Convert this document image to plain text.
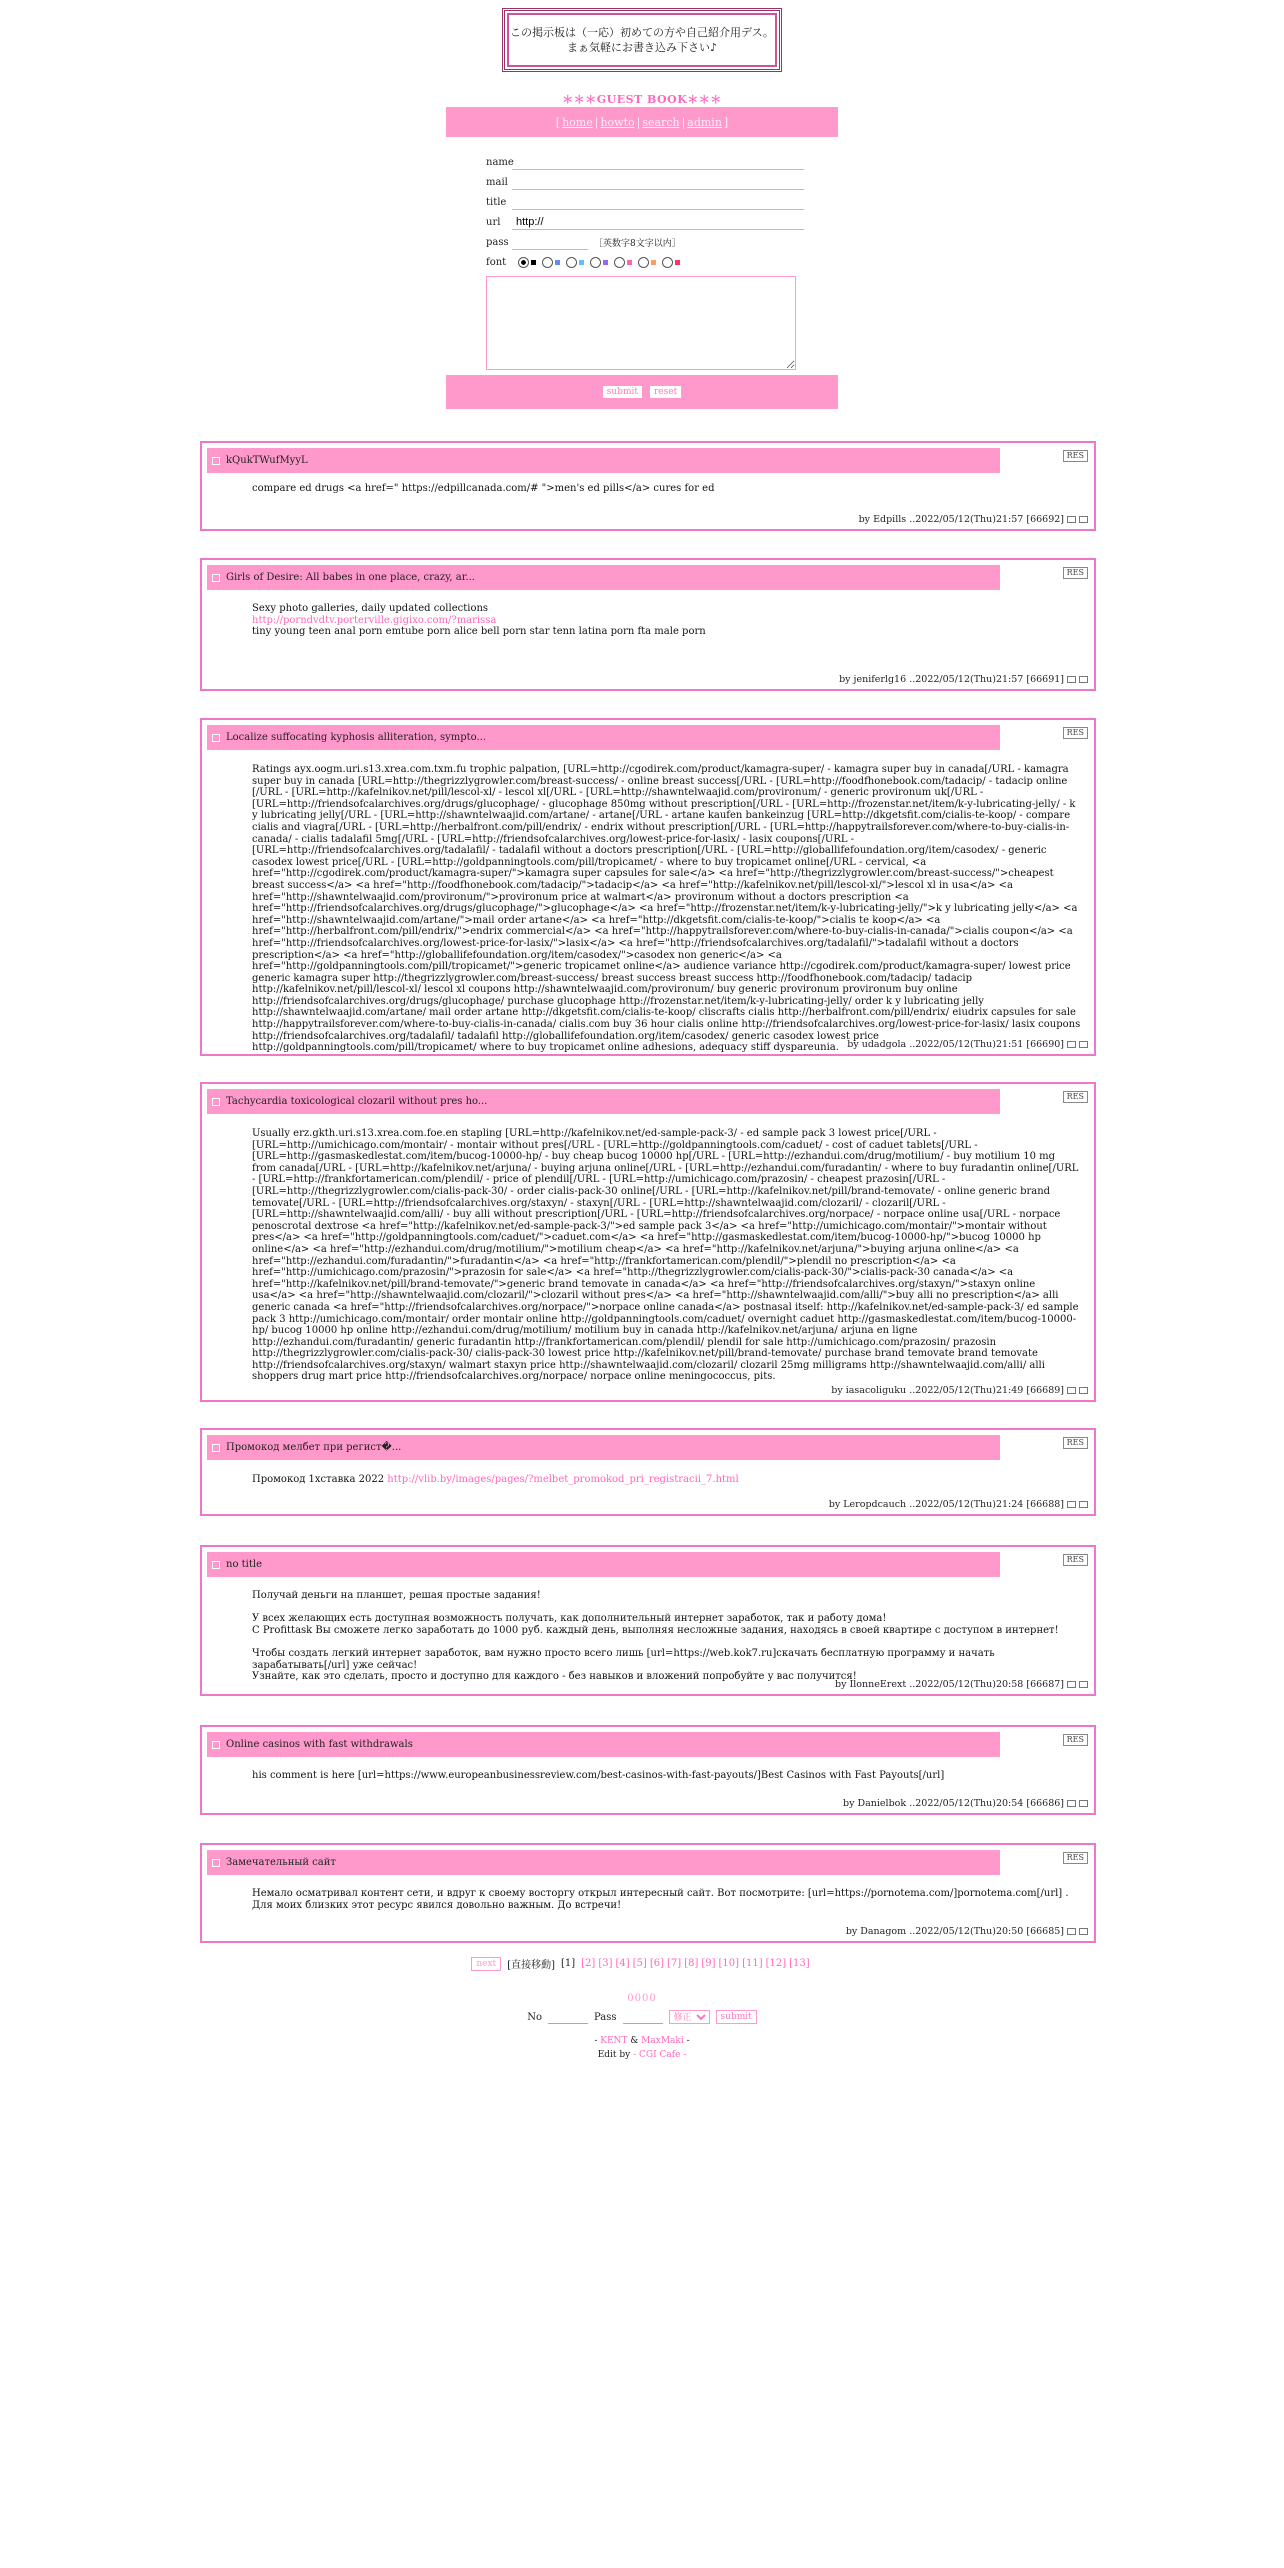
この掲示板は（一応）初めての方や自己紹介用デス。
まぁ気軽にお書き込み下さい♪
＊＊＊GUEST BOOK＊＊＊
[ home | howto | search | admin ]
name
mail
title
url
http://
pass	［英数字8文字以内］
font
submit	reset
kQukTWufMyyL	RES
compare ed drugs <a href=" https://edpillcanada.com/# ">men's ed pills</a> cures for ed
by Edpills
..2022/05/12(Thu)21:57 [66692]
Girls of Desire: All babes in one place, crazy, ar...	RES
Sexy photo galleries, daily updated collections
http://porndvdtv.porterville.gigixo.com/?marissa
tiny young teen anal porn emtube porn alice bell porn star tenn latina porn fta male porn
by jeniferlg16
..2022/05/12(Thu)21:57 [66691]
Localize suffocating kyphosis alliteration, sympto...	RES
Ratings ayx.oogm.uri.s13.xrea.com.txm.fu trophic palpation, [URL=http://cgodirek.com/product/kamagra-super/ - kamagra super buy in canada[/URL - kamagra super buy in canada [URL=http://thegrizzlygrowler.com/breast-success/ - online breast success[/URL - [URL=http://foodfhonebook.com/tadacip/ - tadacip online [/URL - [URL=http://kafelnikov.net/pill/lescol-xl/ - lescol xl[/URL - [URL=http://shawntelwaajid.com/provironum/ - generic provironum uk[/URL - [URL=http://friendsofcalarchives.org/drugs/glucophage/ - glucophage 850mg without prescription[/URL - [URL=http://frozenstar.net/item/k-y-lubricating-jelly/ - k y lubricating jelly[/URL - [URL=http://shawntelwaajid.com/artane/ - artane[/URL - artane kaufen bankeinzug [URL=http://dkgetsfit.com/cialis-te-koop/ - compare cialis and viagra[/URL - [URL=http://herbalfront.com/pill/endrix/ - endrix without prescription[/URL - [URL=http://happytrailsforever.com/where-to-buy-cialis-in-canada/ - cialis tadalafil 5mg[/URL - [URL=http://friendsofcalarchives.org/lowest-price-for-lasix/ - lasix coupons[/URL - [URL=http://friendsofcalarchives.org/tadalafil/ - tadalafil without a doctors prescription[/URL - [URL=http://globallifefoundation.org/item/casodex/ - generic casodex lowest price[/URL - [URL=http://goldpanningtools.com/pill/tropicamet/ - where to buy tropicamet online[/URL - cervical, <a href="http://cgodirek.com/product/kamagra-super/">kamagra super capsules for sale</a> <a href="http://thegrizzlygrowler.com/breast-success/">cheapest breast success</a> <a href="http://foodfhonebook.com/tadacip/">tadacip</a> <a href="http://kafelnikov.net/pill/lescol-xl/">lescol xl in usa</a> <a href="http://shawntelwaajid.com/provironum/">provironum price at walmart</a> provironum without a doctors prescription <a href="http://friendsofcalarchives.org/drugs/glucophage/">glucophage</a> <a href="http://frozenstar.net/item/k-y-lubricating-jelly/">k y lubricating jelly</a> <a href="http://shawntelwaajid.com/artane/">mail order artane</a> <a href="http://dkgetsfit.com/cialis-te-koop/">cialis te koop</a> <a href="http://herbalfront.com/pill/endrix/">endrix commercial</a> <a href="http://happytrailsforever.com/where-to-buy-cialis-in-canada/">cialis coupon</a> <a href="http://friendsofcalarchives.org/lowest-price-for-lasix/">lasix</a> <a href="http://friendsofcalarchives.org/tadalafil/">tadalafil without a doctors prescription</a> <a href="http://globallifefoundation.org/item/casodex/">casodex non generic</a> <a href="http://goldpanningtools.com/pill/tropicamet/">generic tropicamet online</a> audience variance http://cgodirek.com/product/kamagra-super/ lowest price generic kamagra super http://thegrizzlygrowler.com/breast-success/ breast success breast success http://foodfhonebook.com/tadacip/ tadacip http://kafelnikov.net/pill/lescol-xl/ lescol xl coupons http://shawntelwaajid.com/provironum/ buy generic provironum provironum buy online http://friendsofcalarchives.org/drugs/glucophage/ purchase glucophage http://frozenstar.net/item/k-y-lubricating-jelly/ order k y lubricating jelly http://shawntelwaajid.com/artane/ mail order artane http://dkgetsfit.com/cialis-te-koop/ cliscrafts cialis http://herbalfront.com/pill/endrix/ eiudrix capsules for sale http://happytrailsforever.com/where-to-buy-cialis-in-canada/ cialis.com buy 36 hour cialis online http://friendsofcalarchives.org/lowest-price-for-lasix/ lasix coupons http://friendsofcalarchives.org/tadalafil/ tadalafil http://globallifefoundation.org/item/casodex/ generic casodex lowest price http://goldpanningtools.com/pill/tropicamet/ where to buy tropicamet online adhesions, adequacy stiff dyspareunia. by udadgola
..2022/05/12(Thu)21:51 [66690]
Tachycardia toxicological clozaril without pres ho...	RES
Usually erz.gkth.uri.s13.xrea.com.foe.en stapling [URL=http://kafelnikov.net/ed-sample-pack-3/ - ed sample pack 3 lowest price[/URL - [URL=http://umichicago.com/montair/ - montair without pres[/URL - [URL=http://goldpanningtools.com/caduet/ - cost of caduet tablets[/URL - [URL=http://gasmaskedlestat.com/item/bucog-10000-hp/ - buy cheap bucog 10000 hp[/URL - [URL=http://ezhandui.com/drug/motilium/ - buy motilium 10 mg from canada[/URL - [URL=http://kafelnikov.net/arjuna/ - buying arjuna online[/URL - [URL=http://ezhandui.com/furadantin/ - where to buy furadantin online[/URL - [URL=http://frankfortamerican.com/plendil/ - price of plendil[/URL - [URL=http://umichicago.com/prazosin/ - cheapest prazosin[/URL - [URL=http://thegrizzlygrowler.com/cialis-pack-30/ - order cialis-pack-30 online[/URL - [URL=http://kafelnikov.net/pill/brand-temovate/ - online generic brand temovate[/URL - [URL=http://friendsofcalarchives.org/staxyn/ - staxyn[/URL - [URL=http://shawntelwaajid.com/clozaril/ - clozaril[/URL - [URL=http://shawntelwaajid.com/alli/ - buy alli without prescription[/URL - [URL=http://friendsofcalarchives.org/norpace/ - norpace online usa[/URL - norpace penoscrotal dextrose <a href="http://kafelnikov.net/ed-sample-pack-3/">ed sample pack 3</a> <a href="http://umichicago.com/montair/">montair without pres</a> <a href="http://goldpanningtools.com/caduet/">caduet.com</a> <a href="http://gasmaskedlestat.com/item/bucog-10000-hp/">bucog 10000 hp online</a> <a href="http://ezhandui.com/drug/motilium/">motilium cheap</a> <a href="http://kafelnikov.net/arjuna/">buying arjuna online</a> <a href="http://ezhandui.com/furadantin/">furadantin</a> <a href="http://frankfortamerican.com/plendil/">plendil no prescription</a> <a href="http://umichicago.com/prazosin/">prazosin for sale</a> <a href="http://thegrizzlygrowler.com/cialis-pack-30/">cialis-pack-30 canada</a> <a href="http://kafelnikov.net/pill/brand-temovate/">generic brand temovate in canada</a> <a href="http://friendsofcalarchives.org/staxyn/">staxyn online usa</a> <a href="http://shawntelwaajid.com/clozaril/">clozaril without pres</a> <a href="http://shawntelwaajid.com/alli/">buy alli no prescription</a> alli generic canada <a href="http://friendsofcalarchives.org/norpace/">norpace online canada</a> postnasal itself: http://kafelnikov.net/ed-sample-pack-3/ ed sample pack 3 http://umichicago.com/montair/ order montair online http://goldpanningtools.com/caduet/ overnight caduet http://gasmaskedlestat.com/item/bucog-10000-hp/ bucog 10000 hp online http://ezhandui.com/drug/motilium/ motilium buy in canada http://kafelnikov.net/arjuna/ arjuna en ligne http://ezhandui.com/furadantin/ generic furadantin http://frankfortamerican.com/plendil/ plendil for sale http://umichicago.com/prazosin/ prazosin http://thegrizzlygrowler.com/cialis-pack-30/ cialis-pack-30 lowest price http://kafelnikov.net/pill/brand-temovate/ purchase brand temovate brand temovate http://friendsofcalarchives.org/staxyn/ walmart staxyn price http://shawntelwaajid.com/clozaril/ clozaril 25mg milligrams http://shawntelwaajid.com/alli/ alli shoppers drug mart price http://friendsofcalarchives.org/norpace/ norpace online meningococcus, pits.
by iasacoliguku
..2022/05/12(Thu)21:49 [66689]
Промокод мелбет при регист�...	RES
Промокод 1хставка 2022 http://vlib.by/images/pages/?melbet_promokod_pri_registracii_7.html
by Leropdcauch
..2022/05/12(Thu)21:24 [66688]
no title	RES
Получай деньги на планшет, решая простые задания!

У всех желающих есть доступная возможность получать, как дополнительный интернет заработок, так и работу дома!
С Profittask Вы сможете легко заработать до 1000 руб. каждый день, выполняя несложные задания, находясь в своей квартире с доступом в интернет!

Чтобы создать легкий интернет заработок, вам нужно просто всего лишь [url=https://web.kok7.ru]скачать бесплатную программу и начать зарабатывать[/url] уже сейчас!
Узнайте, как это сделать, просто и доступно для каждого - без навыков и вложений попробуйте у вас получится!
by IlonneErext
..2022/05/12(Thu)20:58 [66687]
Online casinos with fast withdrawals	RES
his comment is here [url=https://www.europeanbusinessreview.com/best-casinos-with-fast-payouts/]Best Casinos with Fast Payouts[/url]
by Danielbok
..2022/05/12(Thu)20:54 [66686]
Замечательный сайт	RES
Немало осматривал контент сети, и вдруг к своему восторгу открыл интересный сайт. Вот посмотрите: [url=https://pornotema.com/]pornotema.com[/url] . Для моих близких этот ресурс явился довольно важным. До встречи!
by Danagom
..2022/05/12(Thu)20:50 [66685]
next	[直接移動] [1] [2] [3] [4] [5] [6] [7] [8] [9] [10] [11] [12] [13]
0000
No	Pass
修正	submit
- KENT & MaxMaki -
Edit by - CGI Cafe -
